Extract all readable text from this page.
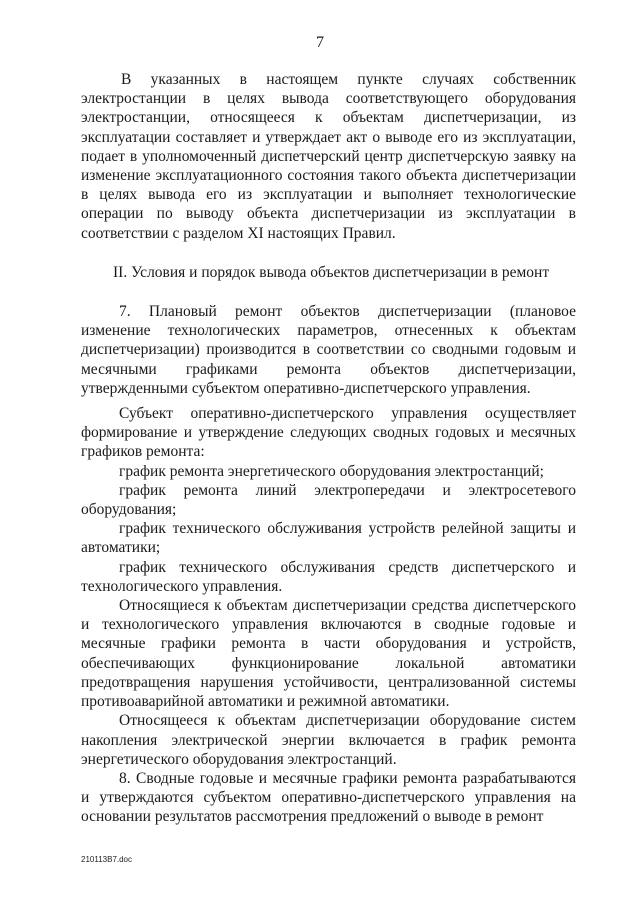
7

В указанных в настоящем пункте случаях собственник электростанции в целях вывода соответствующего оборудования электростанции, относящееся к объектам диспетчеризации, из эксплуатации составляет и утверждает акт о выводе его из эксплуатации, подает в уполномоченный диспетчерский центр диспетчерскую заявку на изменение эксплуатационного состояния такого объекта диспетчеризации в целях вывода его из эксплуатации и выполняет технологические операции по выводу объекта диспетчеризации из эксплуатации в соответствии с разделом XI настоящих Правил.

II. Условия и порядок вывода объектов диспетчеризации в ремонт

7. Плановый ремонт объектов диспетчеризации (плановое изменение технологических параметров, отнесенных к объектам диспетчеризации) производится в соответствии со сводными годовым и месячными графиками ремонта объектов диспетчеризации, утвержденными субъектом оперативно-диспетчерского управления.

Субъект оперативно-диспетчерского управления осуществляет формирование и утверждение следующих сводных годовых и месячных графиков ремонта:

график ремонта энергетического оборудования электростанций;

график ремонта линий электропередачи и электросетевого оборудования;

график технического обслуживания устройств релейной защиты и автоматики;

график технического обслуживания средств диспетчерского и технологического управления.

Относящиеся к объектам диспетчеризации средства диспетчерского и технологического управления включаются в сводные годовые и месячные графики ремонта в части оборудования и устройств, обеспечивающих функционирование локальной автоматики предотвращения нарушения устойчивости, централизованной системы противоаварийной автоматики и режимной автоматики.

Относящееся к объектам диспетчеризации оборудование систем накопления электрической энергии включается в график ремонта энергетического оборудования электростанций.

8. Сводные годовые и месячные графики ремонта разрабатываются и утверждаются субъектом оперативно-диспетчерского управления на основании результатов рассмотрения предложений о выводе в ремонт

210113B7.doc
